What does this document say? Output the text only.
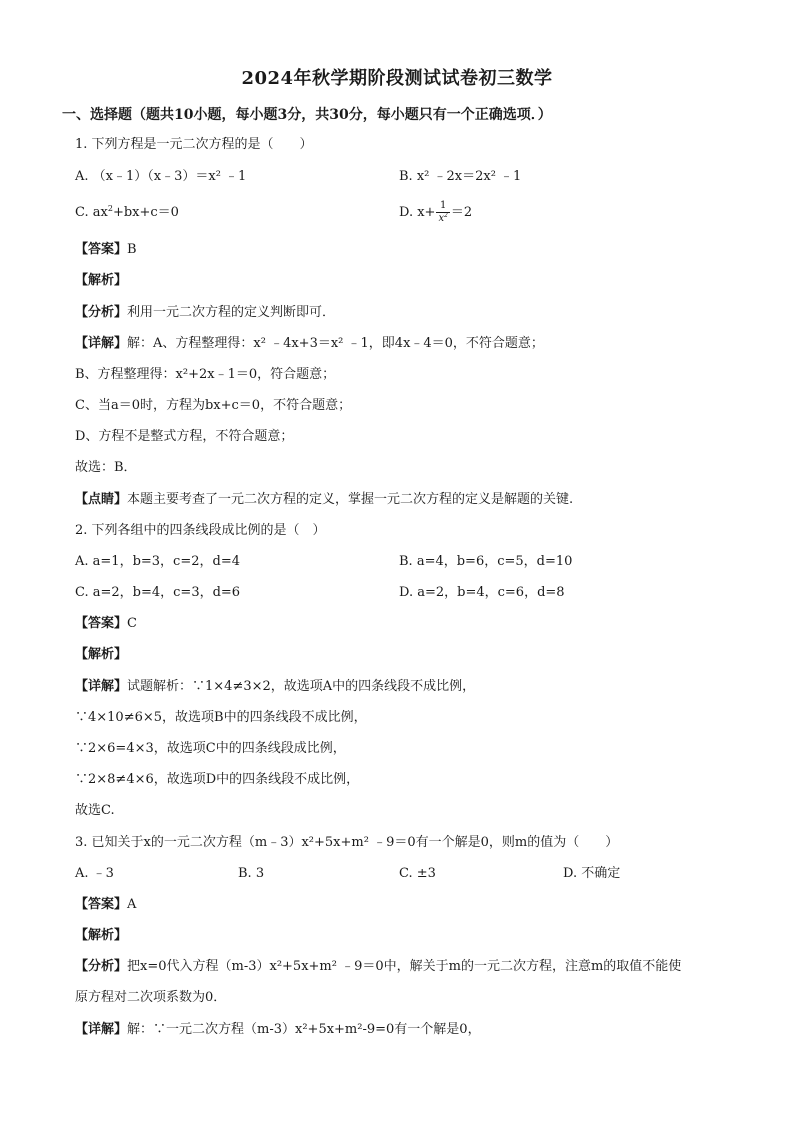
2024年秋学期阶段测试试卷初三数学
一、选择题（题共10小题，每小题3分，共30分，每小题只有一个正确选项．）
1. 下列方程是一元二次方程的是（　　）
A. （x﹣1）（x﹣3）＝x² ﹣1	B. x² ﹣2x＝2x² ﹣1
C. $ax^2+bx+c=0$	D. $x+ \frac{1}{x^2} =2$
【答案】B
【解析】
【分析】利用一元二次方程的定义判断即可．
【详解】解：A、方程整理得：x² ﹣4x+3＝x² ﹣1，即4x﹣4＝0，不符合题意；
B、方程整理得：x²+2x﹣1＝0，符合题意；
C、当a＝0时，方程为bx+c＝0，不符合题意；
D、方程不是整式方程，不符合题意；
故选：B．
【点睛】本题主要考查了一元二次方程的定义，掌握一元二次方程的定义是解题的关键.
2. 下列各组中的四条线段成比例的是（　）
A. a=1，b=3，c=2，d=4	B. a=4，b=6，c=5，d=10
C. a=2，b=4，c=3，d=6	D. a=2，b=4，c=6，d=8
【答案】C
【解析】
【详解】试题解析：∵1×4≠3×2，故选项A中的四条线段不成比例，
∵4×10≠6×5，故选项B中的四条线段不成比例，
∵2×6=4×3，故选项C中的四条线段成比例，
∵2×8≠4×6，故选项D中的四条线段不成比例，
故选C.
3. 已知关于x的一元二次方程（m﹣3）x²+5x+m² ﹣9＝0有一个解是0，则m的值为（　　）
A. ﹣3	B. 3	C. ±3	D. 不确定
【答案】A
【解析】
【分析】把x=0代入方程（m-3）x²+5x+m² ﹣9＝0中，解关于m的一元二次方程，注意m的取值不能使
原方程对二次项系数为0．
【详解】解：∵一元二次方程（m-3）x²+5x+m²-9=0有一个解是0，
